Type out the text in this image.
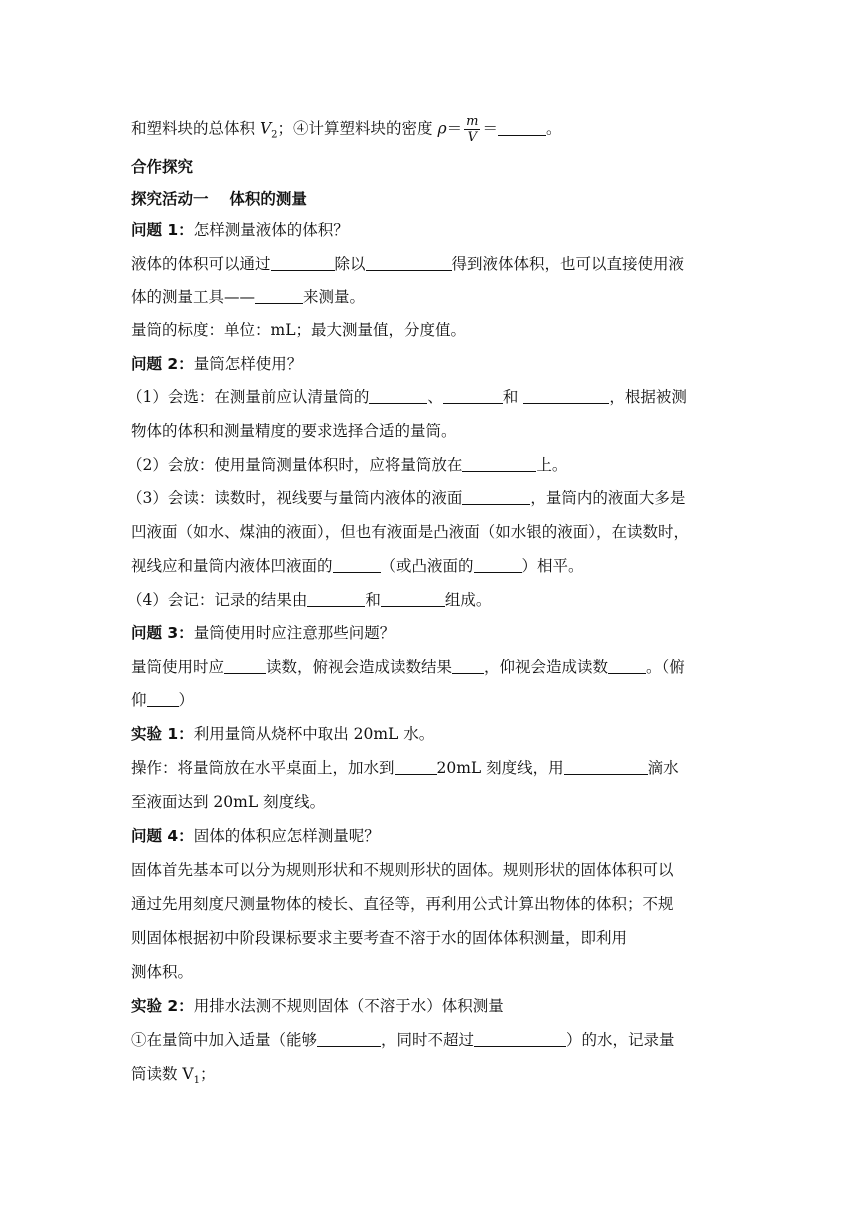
和塑料块的总体积 $V_2$；④计算塑料块的密度 $\rho= \frac{m}{V}$ ＝	。
合作探究
探究活动一　 体积的测量
问题 1：怎样测量液体的体积？
液体的体积可以通过	除以	得到液体体积，也可以直接使用液
体的测量工具——	来测量。
量筒的标度：单位：mL；最大测量值，分度值。
问题 2：量筒怎样使用？
（1）会选：在测量前应认清量筒的	、	和	，根据被测
物体的体积和测量精度的要求选择合适的量筒。
（2）会放：使用量筒测量体积时，应将量筒放在	上。
（3）会读：读数时，视线要与量筒内液体的液面	，量筒内的液面大多是
凹液面（如水、煤油的液面），但也有液面是凸液面（如水银的液面），在读数时，
视线应和量筒内液体凹液面的	（或凸液面的	）相平。
（4）会记：记录的结果由	和	组成。
问题 3：量筒使用时应注意那些问题？
量筒使用时应	读数，俯视会造成读数结果 ，仰视会造成读数 。（俯
仰 ）
实验 1：利用量筒从烧杯中取出 20mL 水。
操作：将量筒放在水平桌面上，加水到	20mL 刻度线，用	滴水
至液面达到 20mL 刻度线。
问题 4：固体的体积应怎样测量呢？
固体首先基本可以分为规则形状和不规则形状的固体。规则形状的固体体积可以
通过先用刻度尺测量物体的棱长、直径等，再利用公式计算出物体的体积；不规
则固体根据初中阶段课标要求主要考查不溶于水的固体体积测量，即利用
测体积。
实验 2：用排水法测不规则固体（不溶于水）体积测量
①在量筒中加入适量（能够	，同时不超过	）的水，记录量
筒读数 $V_1$；
